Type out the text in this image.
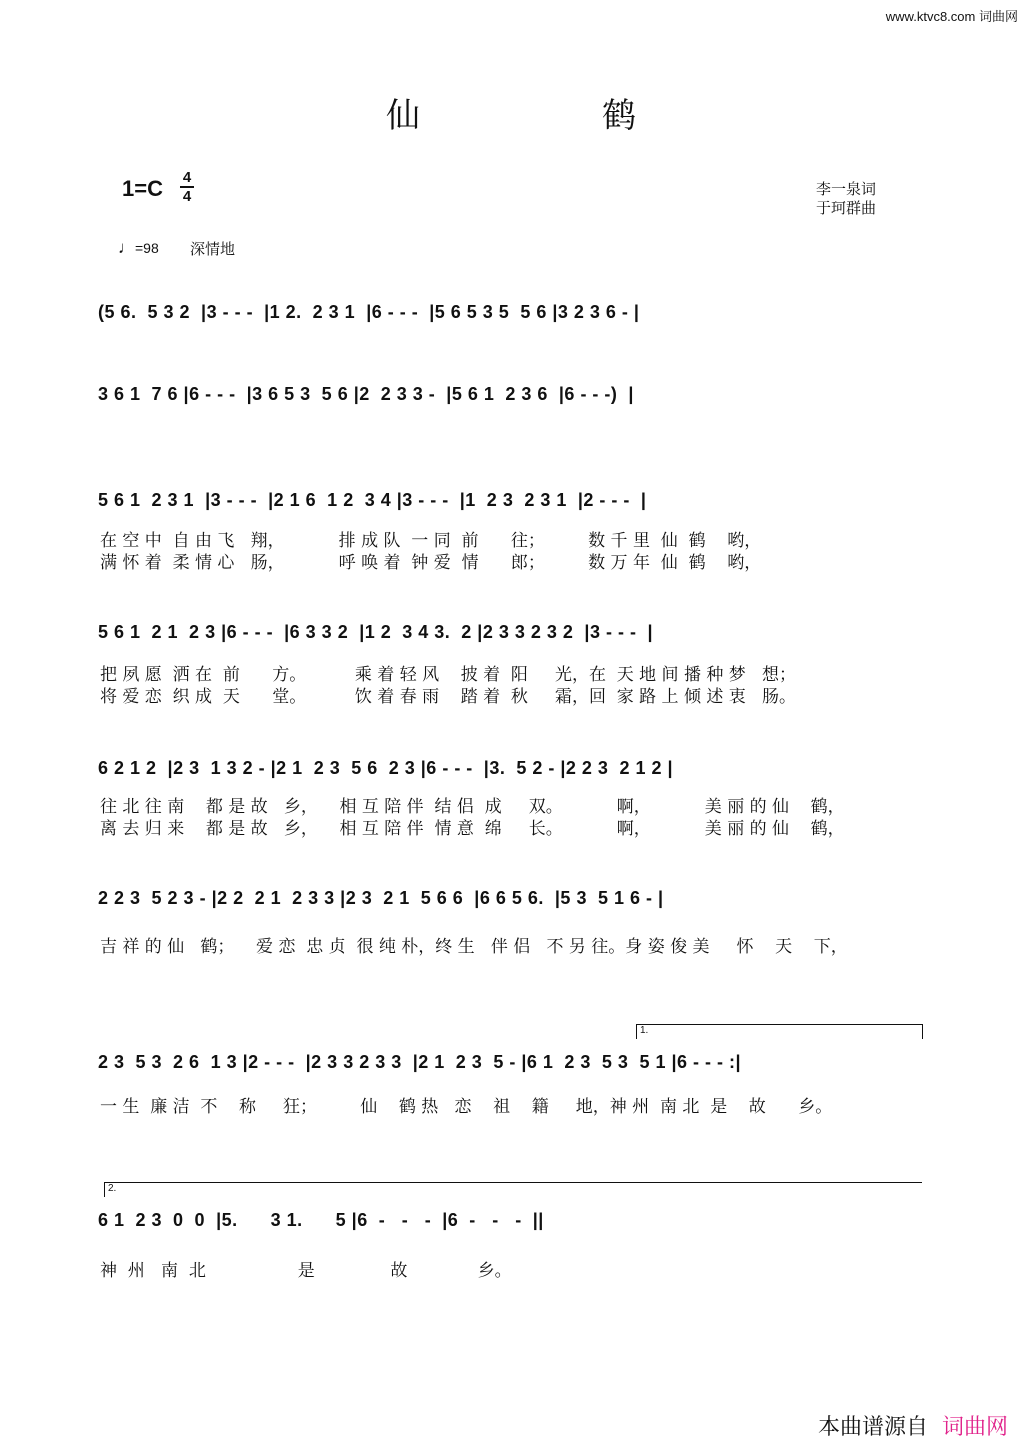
www.ktvc8.com 词曲网
仙	鹤
1=C 4
4	李一泉词
于珂群曲
♩=98 深情地
(5 6.  5 3 2  |3 - - -  |1 2.  2 3 1  |6 - - -  |5 6 5 3 5  5 6 |3 2 3 6 - |
3 6 1  7 6 |6 - - -  |3 6 5 3  5 6 |2  2 3 3 -  |5 6 1  2 3 6  |6 - - -)  |
5 6 1  2 3 1  |3 - - -  |2 1 6  1 2  3 4 |3 - - -  |1  2 3  2 3 1  |2 - - -  |
在 空 中  自 由 飞   翔，          排 成 队  一 同  前      往；        数 千 里  仙  鹤    哟，
满 怀 着  柔 情 心   肠，          呼 唤 着  钟 爱  情      郎；        数 万 年  仙  鹤    哟，
5 6 1  2 1  2 3 |6 - - -  |6 3 3 2  |1 2  3 4 3.  2 |2 3 3 2 3 2  |3 - - -  |
把 夙 愿  洒 在  前      方。         乘 着 轻 风    披 着  阳     光，在  天 地 间 播 种 梦   想；
将 爱 恋  织 成  天      堂。         饮 着 春 雨    踏 着  秋     霜，回  家 路 上 倾 述 衷   肠。
6 2 1 2  |2 3  1 3 2 - |2 1  2 3  5 6  2 3 |6 - - -  |3.  5 2 - |2 2 3  2 1 2 |
往 北 往 南    都 是 故   乡，    相 互 陪 伴  结 侣  成     双。          啊，          美 丽 的 仙    鹤，
离 去 归 来    都 是 故   乡，    相 互 陪 伴  情 意  绵     长。          啊，          美 丽 的 仙    鹤，
2 2 3  5 2 3 - |2 2  2 1  2 3 3 |2 3  2 1  5 6 6  |6 6 5 6.  |5 3  5 1 6 - |
吉 祥 的 仙   鹤；    爱 恋  忠 贞  很 纯 朴，终 生   伴 侣   不 另 往。身 姿 俊 美     怀    天    下，
1.
2 3  5 3  2 6  1 3 |2 - - -  |2 3 3 2 3 3  |2 1  2 3  5 - |6 1  2 3  5 3  5 1 |6 - - - :|
一 生  廉 洁  不    称     狂；        仙    鹤 热   恋    祖    籍     地，神 州  南 北  是    故      乡。
2.
6 1  2 3  0  0  |5.      3 1.      5 |6  -   -   -  |6  -   -   -  ||
神  州   南  北                 是              故             乡。
本曲谱源自 词曲网
